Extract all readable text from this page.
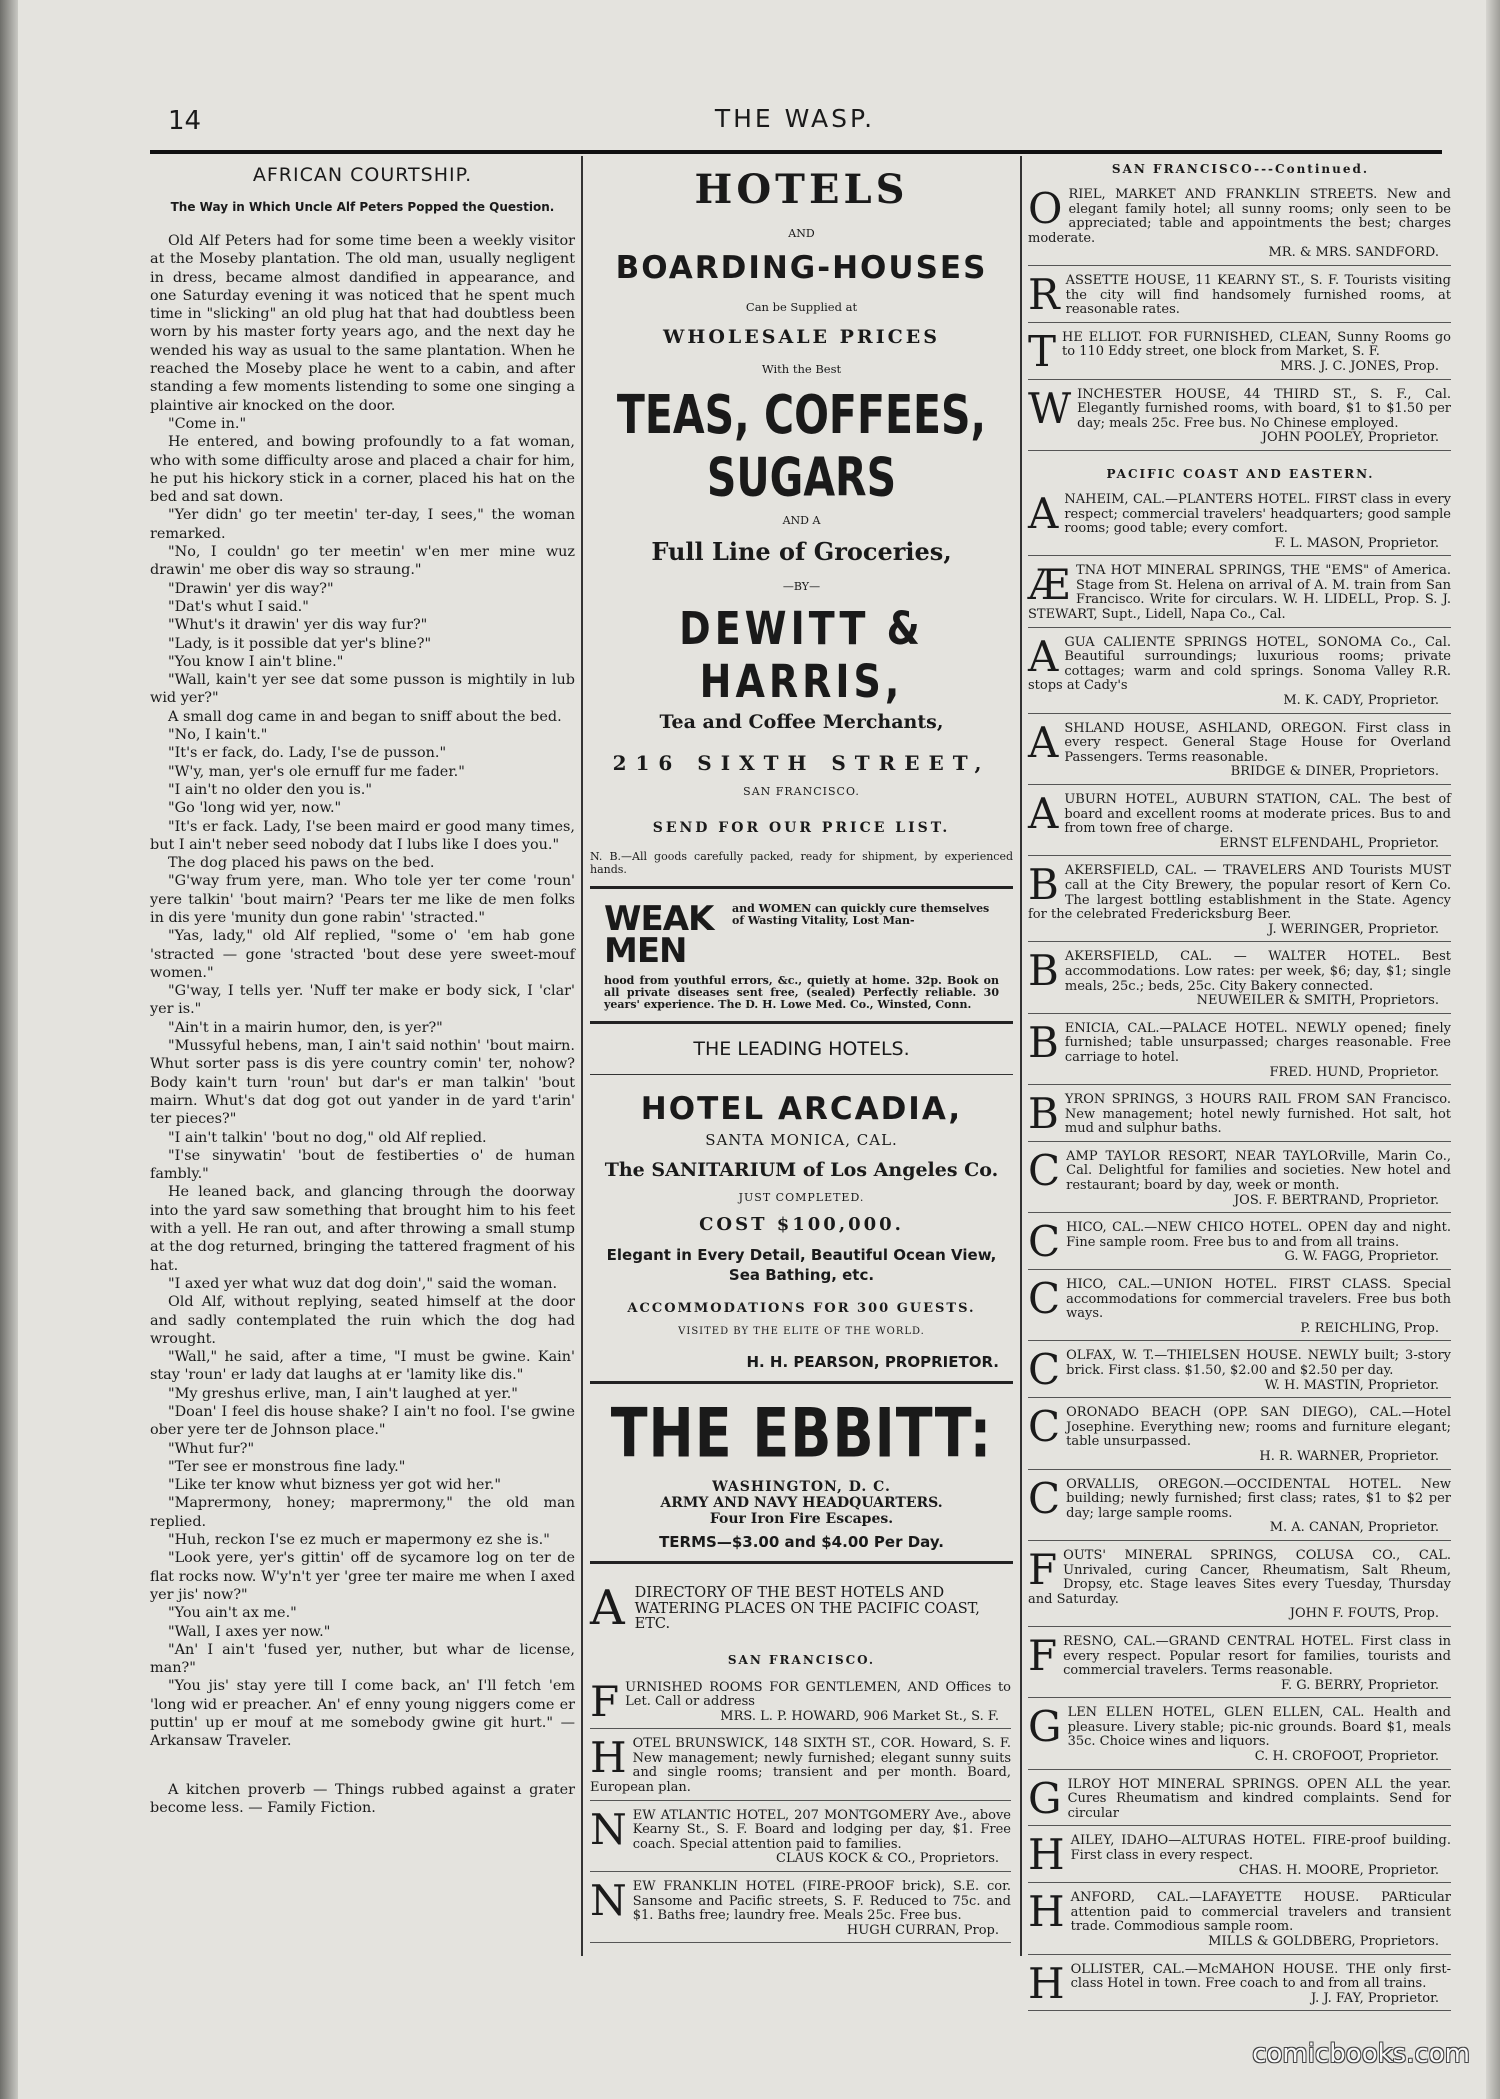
14	THE WASP.
AFRICAN COURTSHIP.
The Way in Which Uncle Alf Peters Popped the Question.

Old Alf Peters had for some time been a weekly visitor at the Moseby plantation. The old man, usually negligent in dress, became almost dandified in appearance, and one Saturday evening it was noticed that he spent much time in "slicking" an old plug hat that had doubtless been worn by his master forty years ago, and the next day he wended his way as usual to the same plantation. When he reached the Moseby place he went to a cabin, and after standing a few moments listending to some one singing a plaintive air knocked on the door.

"Come in."

He entered, and bowing profoundly to a fat woman, who with some difficulty arose and placed a chair for him, he put his hickory stick in a corner, placed his hat on the bed and sat down.

"Yer didn' go ter meetin' ter-day, I sees," the woman remarked.

"No, I couldn' go ter meetin' w'en mer mine wuz drawin' me ober dis way so straung."

"Drawin' yer dis way?"

"Dat's whut I said."

"Whut's it drawin' yer dis way fur?"

"Lady, is it possible dat yer's bline?"

"You know I ain't bline."

"Wall, kain't yer see dat some pusson is mightily in lub wid yer?"

A small dog came in and began to sniff about the bed.

"No, I kain't."

"It's er fack, do. Lady, I'se de pusson."

"W'y, man, yer's ole ernuff fur me fader."

"I ain't no older den you is."

"Go 'long wid yer, now."

"It's er fack. Lady, I'se been maird er good many times, but I ain't neber seed nobody dat I lubs like I does you."

The dog placed his paws on the bed.

"G'way frum yere, man. Who tole yer ter come 'roun' yere talkin' 'bout mairn? 'Pears ter me like de men folks in dis yere 'munity dun gone rabin' 'stracted."

"Yas, lady," old Alf replied, "some o' 'em hab gone 'stracted — gone 'stracted 'bout dese yere sweet-mouf women."

"G'way, I tells yer. 'Nuff ter make er body sick, I 'clar' yer is."

"Ain't in a mairin humor, den, is yer?"

"Mussyful hebens, man, I ain't said nothin' 'bout mairn. Whut sorter pass is dis yere country comin' ter, nohow? Body kain't turn 'roun' but dar's er man talkin' 'bout mairn. Whut's dat dog got out yander in de yard t'arin' ter pieces?"

"I ain't talkin' 'bout no dog," old Alf replied.

"I'se sinywatin' 'bout de festiberties o' de human fambly."

He leaned back, and glancing through the doorway into the yard saw something that brought him to his feet with a yell. He ran out, and after throwing a small stump at the dog returned, bringing the tattered fragment of his hat.

"I axed yer what wuz dat dog doin'," said the woman.

Old Alf, without replying, seated himself at the door and sadly contemplated the ruin which the dog had wrought.

"Wall," he said, after a time, "I must be gwine. Kain' stay 'roun' er lady dat laughs at er 'lamity like dis."

"My greshus erlive, man, I ain't laughed at yer."

"Doan' I feel dis house shake? I ain't no fool. I'se gwine ober yere ter de Johnson place."

"Whut fur?"

"Ter see er monstrous fine lady."

"Like ter know whut bizness yer got wid her."

"Maprermony, honey; maprermony," the old man replied.

"Huh, reckon I'se ez much er mapermony ez she is."

"Look yere, yer's gittin' off de sycamore log on ter de flat rocks now. W'y'n't yer 'gree ter maire me when I axed yer jis' now?"

"You ain't ax me."

"Wall, I axes yer now."

"An' I ain't 'fused yer, nuther, but whar de license, man?"

"You jis' stay yere till I come back, an' I'll fetch 'em 'long wid er preacher. An' ef enny young niggers come er puttin' up er mouf at me somebody gwine git hurt." — Arkansaw Traveler.

A kitchen proverb — Things rubbed against a grater become less. — Family Fiction.

HOTELS
AND
BOARDING-HOUSES
Can be Supplied at
WHOLESALE PRICES
With the Best
TEAS, COFFEES, SUGARS
AND A
Full Line of Groceries,
—BY—
DEWITT & HARRIS,
Tea and Coffee Merchants,
216 SIXTH STREET,
SAN FRANCISCO.
SEND FOR OUR PRICE LIST.
N. B.—All goods carefully packed, ready for shipment, by experienced hands.
WEAK MEN
and WOMEN can quickly cure themselves of Wasting Vitality, Lost Man-
hood from youthful errors, &c., quietly at home. 32p. Book on all private diseases sent free, (sealed) Perfectly reliable. 30 years' experience. The D. H. Lowe Med. Co., Winsted, Conn.
THE LEADING HOTELS.
HOTEL ARCADIA,
SANTA MONICA, CAL.
The SANITARIUM of Los Angeles Co.
JUST COMPLETED.
COST $100,000.
Elegant in Every Detail, Beautiful Ocean View, Sea Bathing, etc.
ACCOMMODATIONS FOR 300 GUESTS.
VISITED BY THE ELITE OF THE WORLD.
H. H. PEARSON, PROPRIETOR.
THE EBBITT:
WASHINGTON, D. C.
ARMY AND NAVY HEADQUARTERS.
Four Iron Fire Escapes.
TERMS—$3.00 and $4.00 Per Day.
A DIRECTORY OF THE BEST HOTELS AND WATERING PLACES ON THE PACIFIC COAST, ETC.
SAN FRANCISCO.
FURNISHED ROOMS FOR GENTLEMEN, AND Offices to Let. Call or address
MRS. L. P. HOWARD, 906 Market St., S. F.
HOTEL BRUNSWICK, 148 SIXTH ST., COR. Howard, S. F. New management; newly furnished; elegant sunny suits and single rooms; transient and per month. Board, European plan.
NEW ATLANTIC HOTEL, 207 MONTGOMERY Ave., above Kearny St., S. F. Board and lodging per day, $1. Free coach. Special attention paid to families.
CLAUS KOCK & CO., Proprietors.
NEW FRANKLIN HOTEL (FIRE-PROOF brick), S.E. cor. Sansome and Pacific streets, S. F. Reduced to 75c. and $1. Baths free; laundry free. Meals 25c. Free bus.
HUGH CURRAN, Prop.
SAN FRANCISCO---Continued.
ORIEL, MARKET AND FRANKLIN STREETS. New and elegant family hotel; all sunny rooms; only seen to be appreciated; table and appointments the best; charges moderate.
MR. & MRS. SANDFORD.
RASSETTE HOUSE, 11 KEARNY ST., S. F. Tourists visiting the city will find handsomely furnished rooms, at reasonable rates.
THE ELLIOT. FOR FURNISHED, CLEAN, Sunny Rooms go to 110 Eddy street, one block from Market, S. F.
MRS. J. C. JONES, Prop.
WINCHESTER HOUSE, 44 THIRD ST., S. F., Cal. Elegantly furnished rooms, with board, $1 to $1.50 per day; meals 25c. Free bus. No Chinese employed.
JOHN POOLEY, Proprietor.
PACIFIC COAST AND EASTERN.
ANAHEIM, CAL.—PLANTERS HOTEL. FIRST class in every respect; commercial travelers' headquarters; good sample rooms; good table; every comfort.
F. L. MASON, Proprietor.
ÆTNA HOT MINERAL SPRINGS, THE "EMS" of America. Stage from St. Helena on arrival of A. M. train from San Francisco. Write for circulars. W. H. LIDELL, Prop. S. J. STEWART, Supt., Lidell, Napa Co., Cal.
AGUA CALIENTE SPRINGS HOTEL, SONOMA Co., Cal. Beautiful surroundings; luxurious rooms; private cottages; warm and cold springs. Sonoma Valley R.R. stops at Cady's
M. K. CADY, Proprietor.
ASHLAND HOUSE, ASHLAND, OREGON. First class in every respect. General Stage House for Overland Passengers. Terms reasonable.
BRIDGE & DINER, Proprietors.
AUBURN HOTEL, AUBURN STATION, CAL. The best of board and excellent rooms at moderate prices. Bus to and from town free of charge.
ERNST ELFENDAHL, Proprietor.
BAKERSFIELD, CAL. — TRAVELERS AND Tourists MUST call at the City Brewery, the popular resort of Kern Co. The largest bottling establishment in the State. Agency for the celebrated Fredericksburg Beer.
J. WERINGER, Proprietor.
BAKERSFIELD, CAL. — WALTER HOTEL. Best accommodations. Low rates: per week, $6; day, $1; single meals, 25c.; beds, 25c. City Bakery connected.
NEUWEILER & SMITH, Proprietors.
BENICIA, CAL.—PALACE HOTEL. NEWLY opened; finely furnished; table unsurpassed; charges reasonable. Free carriage to hotel.
FRED. HUND, Proprietor.
BYRON SPRINGS, 3 HOURS RAIL FROM SAN Francisco. New management; hotel newly furnished. Hot salt, hot mud and sulphur baths.
CAMP TAYLOR RESORT, NEAR TAYLORville, Marin Co., Cal. Delightful for families and societies. New hotel and restaurant; board by day, week or month.
JOS. F. BERTRAND, Proprietor.
CHICO, CAL.—NEW CHICO HOTEL. OPEN day and night. Fine sample room. Free bus to and from all trains.
G. W. FAGG, Proprietor.
CHICO, CAL.—UNION HOTEL. FIRST CLASS. Special accommodations for commercial travelers. Free bus both ways.
P. REICHLING, Prop.
COLFAX, W. T.—THIELSEN HOUSE. NEWLY built; 3-story brick. First class. $1.50, $2.00 and $2.50 per day.
W. H. MASTIN, Proprietor.
CORONADO BEACH (OPP. SAN DIEGO), CAL.—Hotel Josephine. Everything new; rooms and furniture elegant; table unsurpassed.
H. R. WARNER, Proprietor.
CORVALLIS, OREGON.—OCCIDENTAL HOTEL. New building; newly furnished; first class; rates, $1 to $2 per day; large sample rooms.
M. A. CANAN, Proprietor.
FOUTS' MINERAL SPRINGS, COLUSA CO., CAL. Unrivaled, curing Cancer, Rheumatism, Salt Rheum, Dropsy, etc. Stage leaves Sites every Tuesday, Thursday and Saturday.
JOHN F. FOUTS, Prop.
FRESNO, CAL.—GRAND CENTRAL HOTEL. First class in every respect. Popular resort for families, tourists and commercial travelers. Terms reasonable.
F. G. BERRY, Proprietor.
GLEN ELLEN HOTEL, GLEN ELLEN, CAL. Health and pleasure. Livery stable; pic-nic grounds. Board $1, meals 35c. Choice wines and liquors.
C. H. CROFOOT, Proprietor.
GILROY HOT MINERAL SPRINGS. OPEN ALL the year. Cures Rheumatism and kindred complaints. Send for circular
HAILEY, IDAHO—ALTURAS HOTEL. FIRE-proof building. First class in every respect.
CHAS. H. MOORE, Proprietor.
HANFORD, CAL.—LAFAYETTE HOUSE. PARticular attention paid to commercial travelers and transient trade. Commodious sample room.
MILLS & GOLDBERG, Proprietors.
HOLLISTER, CAL.—McMAHON HOUSE. THE only first-class Hotel in town. Free coach to and from all trains.
J. J. FAY, Proprietor.
comicbooks.com
